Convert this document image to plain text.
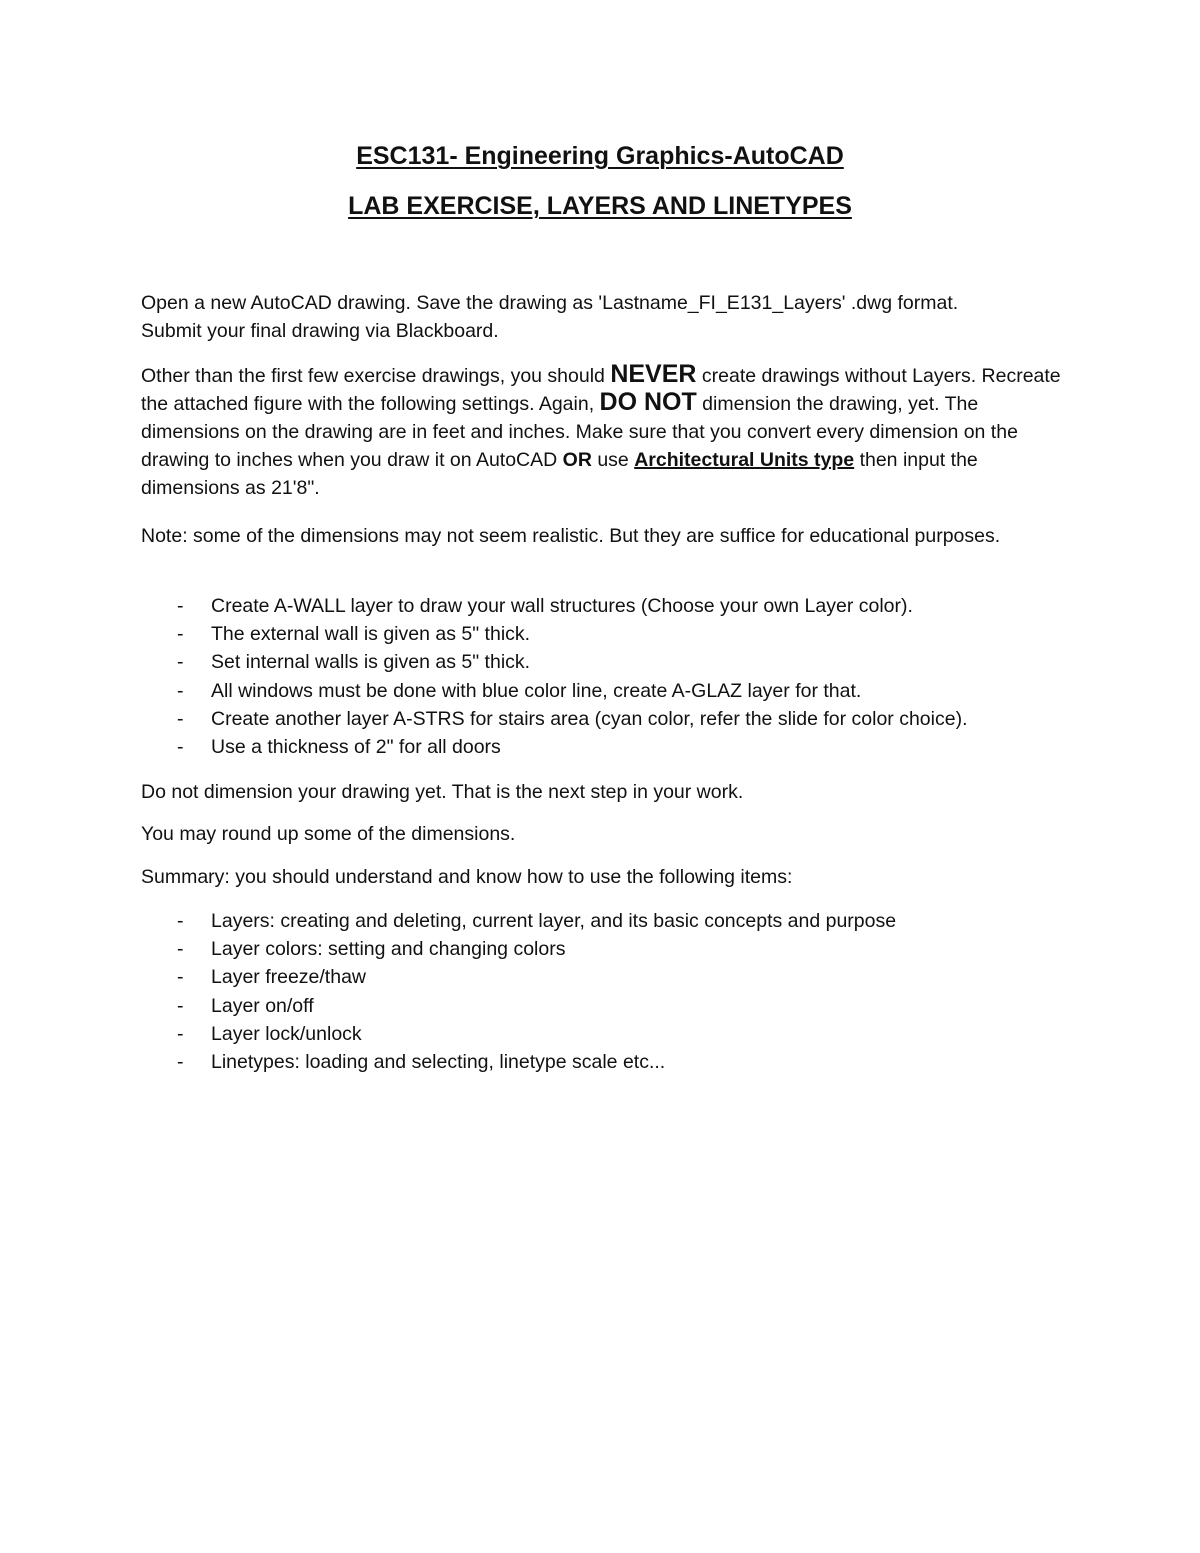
ESC131- Engineering Graphics-AutoCAD
LAB EXERCISE, LAYERS AND LINETYPES

Open a new AutoCAD drawing. Save the drawing as 'Lastname_FI_E131_Layers' .dwg format.
Submit your final drawing via Blackboard.

Other than the first few exercise drawings, you should NEVER create drawings without Layers. Recreate the attached figure with the following settings. Again, DO NOT dimension the drawing, yet. The dimensions on the drawing are in feet and inches. Make sure that you convert every dimension on the drawing to inches when you draw it on AutoCAD OR use Architectural Units type then input the dimensions as 21'8".

Note: some of the dimensions may not seem realistic. But they are suffice for educational purposes.

- Create A-WALL layer to draw your wall structures (Choose your own Layer color).
- The external wall is given as 5" thick.
- Set internal walls is given as 5" thick.
- All windows must be done with blue color line, create A-GLAZ layer for that.
- Create another layer A-STRS for stairs area (cyan color, refer the slide for color choice).
- Use a thickness of 2" for all doors

Do not dimension your drawing yet. That is the next step in your work.

You may round up some of the dimensions.

Summary: you should understand and know how to use the following items:

- Layers: creating and deleting, current layer, and its basic concepts and purpose
- Layer colors: setting and changing colors
- Layer freeze/thaw
- Layer on/off
- Layer lock/unlock
- Linetypes: loading and selecting, linetype scale etc...
